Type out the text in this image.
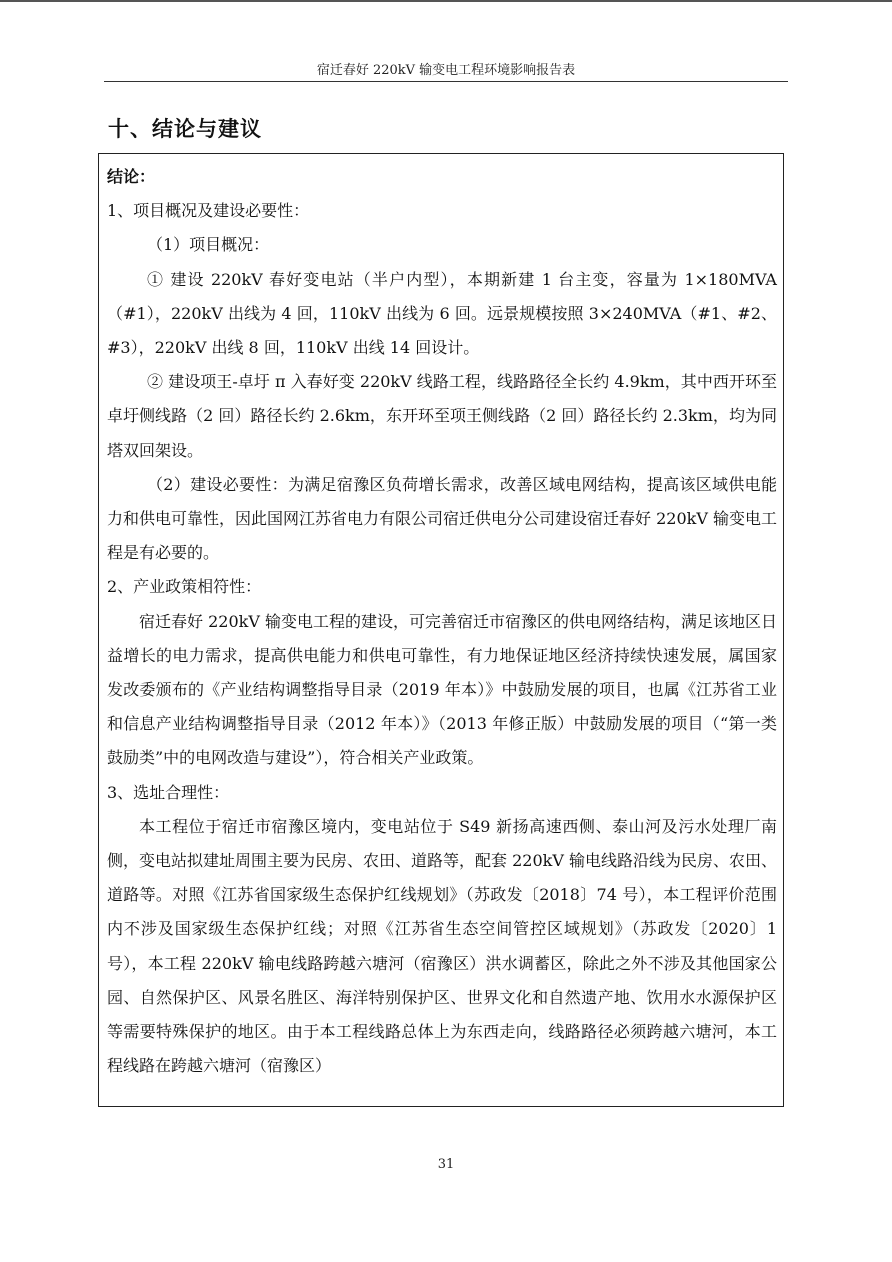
宿迁春好 220kV 输变电工程环境影响报告表
十、结论与建议

结论：

1、项目概况及建设必要性：

（1）项目概况：

① 建设 220kV 春好变电站（半户内型），本期新建 1 台主变，容量为 1×180MVA（#1），220kV 出线为 4 回，110kV 出线为 6 回。远景规模按照 3×240MVA（#1、#2、#3），220kV 出线 8 回，110kV 出线 14 回设计。

② 建设项王-卓圩 π 入春好变 220kV 线路工程，线路路径全长约 4.9km，其中西开环至卓圩侧线路（2 回）路径长约 2.6km，东开环至项王侧线路（2 回）路径长约 2.3km，均为同塔双回架设。

（2）建设必要性：为满足宿豫区负荷增长需求，改善区域电网结构，提高该区域供电能力和供电可靠性，因此国网江苏省电力有限公司宿迁供电分公司建设宿迁春好 220kV 输变电工程是有必要的。

2、产业政策相符性：

宿迁春好 220kV 输变电工程的建设，可完善宿迁市宿豫区的供电网络结构，满足该地区日益增长的电力需求，提高供电能力和供电可靠性，有力地保证地区经济持续快速发展，属国家发改委颁布的《产业结构调整指导目录（2019 年本）》中鼓励发展的项目，也属《江苏省工业和信息产业结构调整指导目录（2012 年本）》（2013 年修正版）中鼓励发展的项目（“第一类鼓励类”中的电网改造与建设”），符合相关产业政策。

3、选址合理性：

本工程位于宿迁市宿豫区境内，变电站位于 S49 新扬高速西侧、泰山河及污水处理厂南侧，变电站拟建址周围主要为民房、农田、道路等，配套 220kV 输电线路沿线为民房、农田、道路等。对照《江苏省国家级生态保护红线规划》（苏政发〔2018〕74 号），本工程评价范围内不涉及国家级生态保护红线；对照《江苏省生态空间管控区域规划》（苏政发〔2020〕1 号），本工程 220kV 输电线路跨越六塘河（宿豫区）洪水调蓄区，除此之外不涉及其他国家公园、自然保护区、风景名胜区、海洋特别保护区、世界文化和自然遗产地、饮用水水源保护区等需要特殊保护的地区。由于本工程线路总体上为东西走向，线路路径必须跨越六塘河，本工程线路在跨越六塘河（宿豫区）

31
